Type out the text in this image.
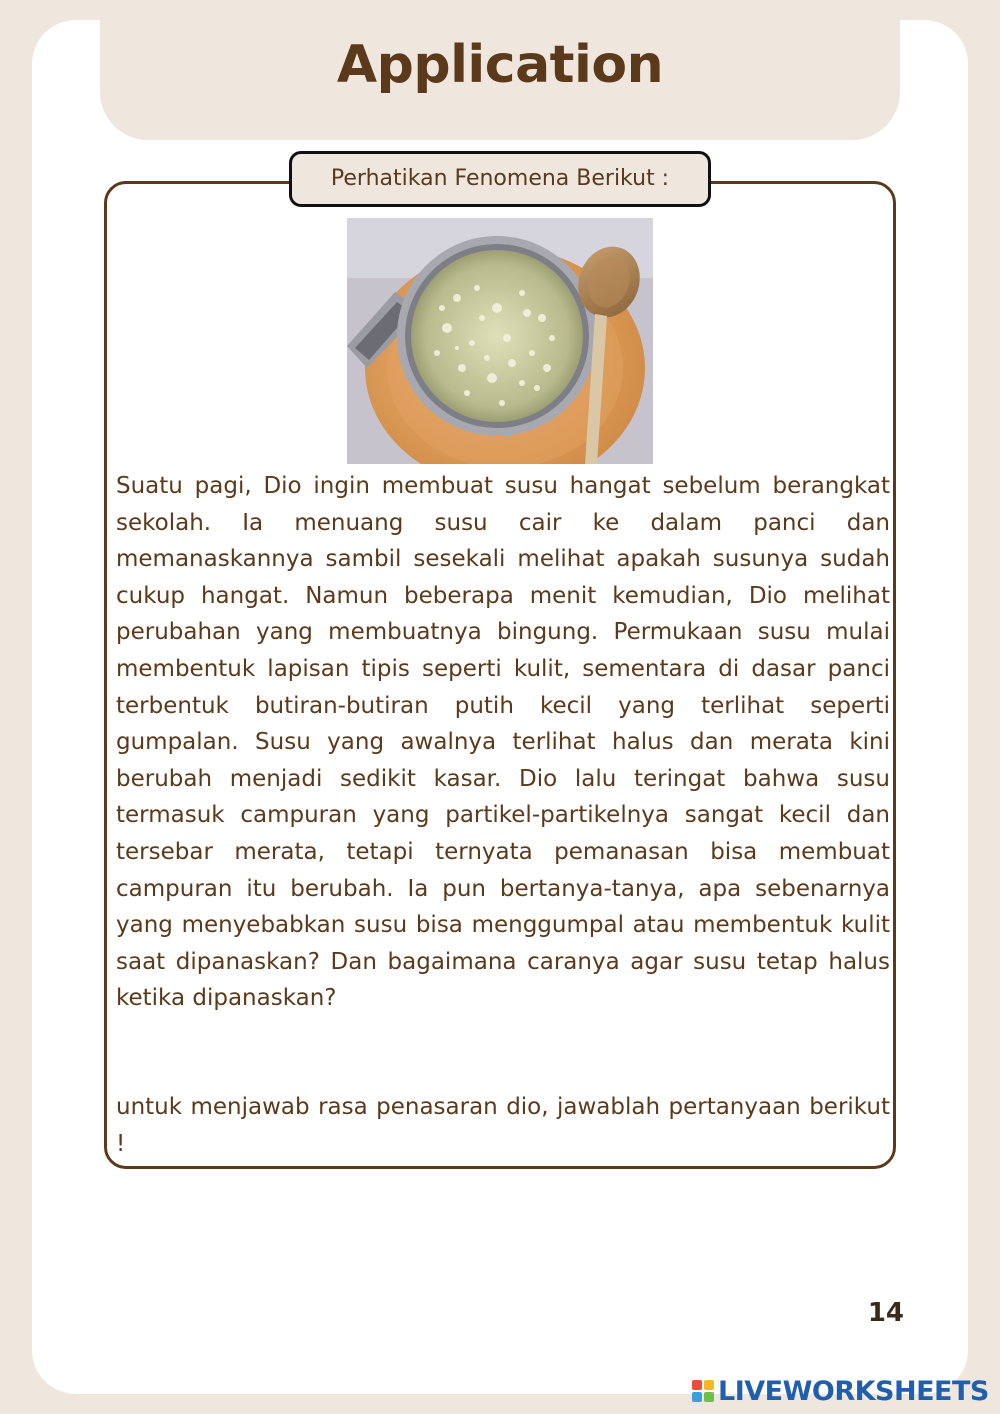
Application
Perhatikan Fenomena Berikut :

Suatu pagi, Dio ingin membuat susu hangat sebelum berangkat sekolah. Ia menuang susu cair ke dalam panci dan memanaskannya sambil sesekali melihat apakah susunya sudah cukup hangat. Namun beberapa menit kemudian, Dio melihat perubahan yang membuatnya bingung. Permukaan susu mulai membentuk lapisan tipis seperti kulit, sementara di dasar panci terbentuk butiran-butiran putih kecil yang terlihat seperti gumpalan. Susu yang awalnya terlihat halus dan merata kini berubah menjadi sedikit kasar. Dio lalu teringat bahwa susu termasuk campuran yang partikel-partikelnya sangat kecil dan tersebar merata, tetapi ternyata pemanasan bisa membuat campuran itu berubah. Ia pun bertanya-tanya, apa sebenarnya yang menyebabkan susu bisa menggumpal atau membentuk kulit saat dipanaskan? Dan bagaimana caranya agar susu tetap halus ketika dipanaskan?

untuk menjawab rasa penasaran dio, jawablah pertanyaan berikut !

14
LIVEWORKSHEETS
